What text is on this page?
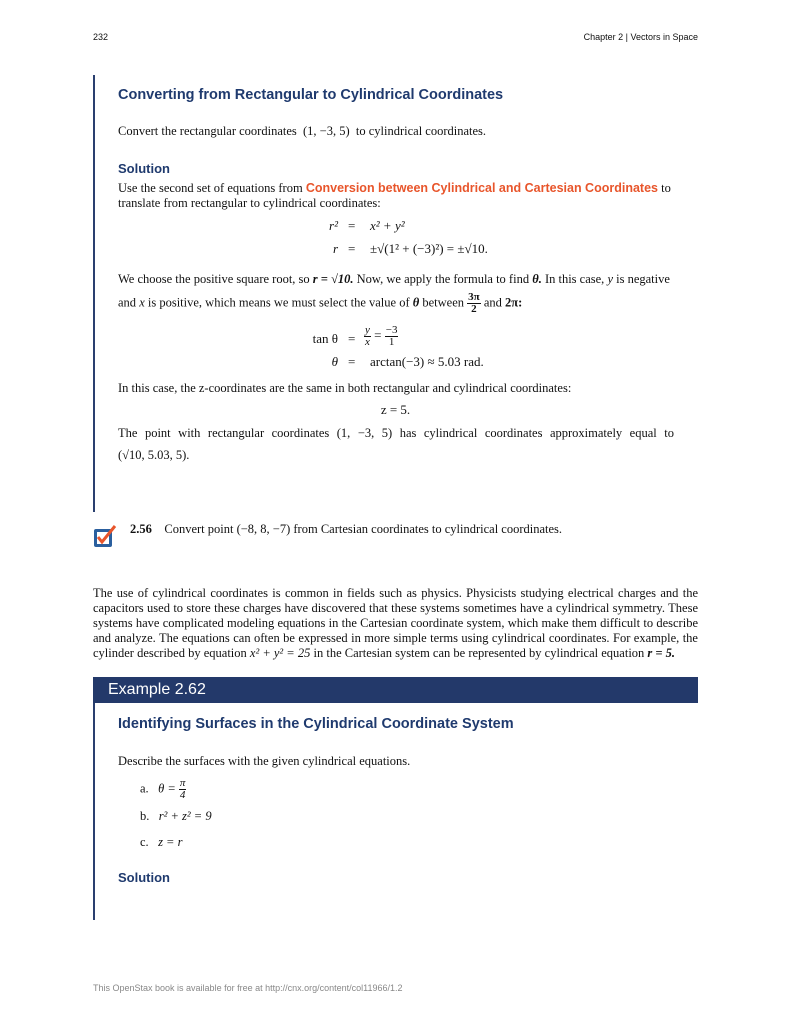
232	Chapter 2 | Vectors in Space
Converting from Rectangular to Cylindrical Coordinates
Convert the rectangular coordinates (1, −3, 5) to cylindrical coordinates.
Solution
Use the second set of equations from Conversion between Cylindrical and Cartesian Coordinates to translate from rectangular to cylindrical coordinates:
r² = x² + y²
r = ±√(1² + (−3)²) = ±√10.
We choose the positive square root, so r = √10. Now, we apply the formula to find θ. In this case, y is negative
and x is positive, which means we must select the value of θ between $\frac{3\pi}{2}$ and 2π:
$\tan \theta = \frac{y}{x} = \frac{-3}{1}$
θ = arctan(−3) ≈ 5.03 rad.
In this case, the z-coordinates are the same in both rectangular and cylindrical coordinates:
z = 5.
The point with rectangular coordinates (1, −3, 5) has cylindrical coordinates approximately equal to
(√10, 5.03, 5).
2.56 Convert point (−8, 8, −7) from Cartesian coordinates to cylindrical coordinates.
The use of cylindrical coordinates is common in fields such as physics. Physicists studying electrical charges and the capacitors used to store these charges have discovered that these systems sometimes have a cylindrical symmetry. These systems have complicated modeling equations in the Cartesian coordinate system, which make them difficult to describe and analyze. The equations can often be expressed in more simple terms using cylindrical coordinates. For example, the cylinder described by equation x² + y² = 25 in the Cartesian system can be represented by cylindrical equation r = 5.
Example 2.62
Identifying Surfaces in the Cylindrical Coordinate System
Describe the surfaces with the given cylindrical equations.
a. $\theta = \frac{\pi}{4}$
b. r² + z² = 9
c. z = r
Solution
This OpenStax book is available for free at http://cnx.org/content/col11966/1.2
